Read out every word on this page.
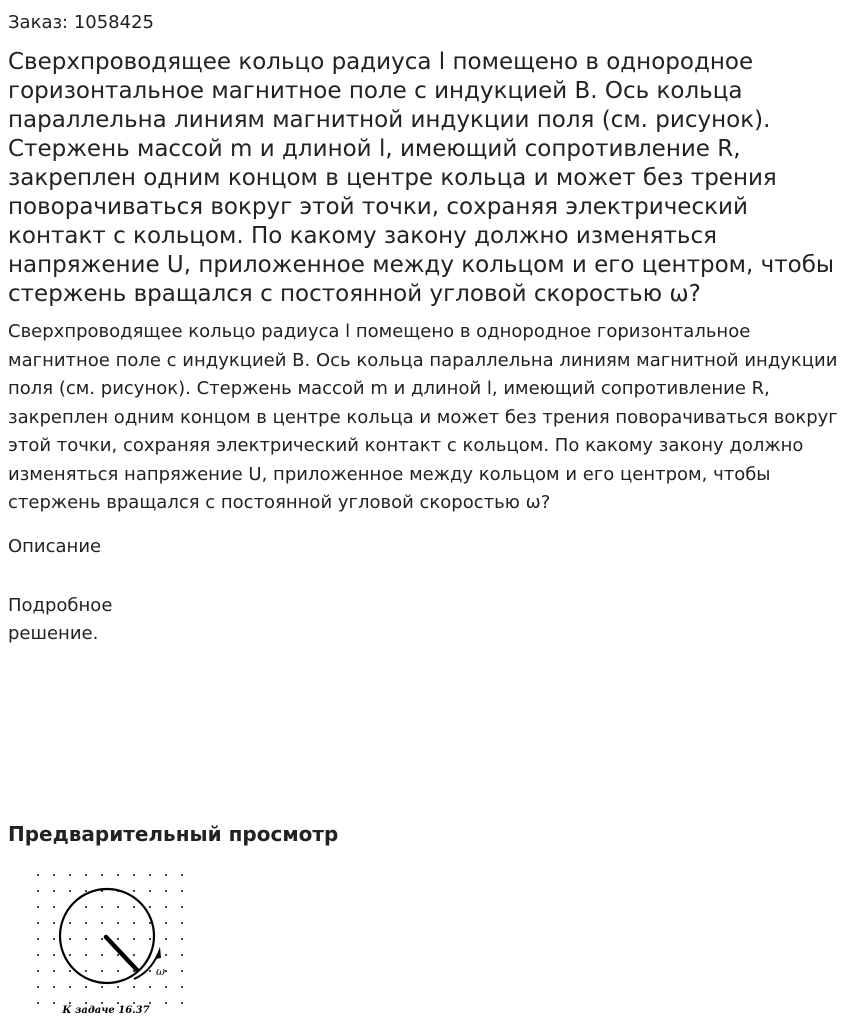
Заказ: 1058425
Сверхпроводящее кольцо радиуса l помещено в однородное горизонтальное магнитное поле с индукцией B. Ось кольца параллельна линиям магнитной индукции поля (см. рисунок). Стержень массой m и длиной l, имеющий сопротивление R, закреплен одним концом в центре кольца и может без трения поворачиваться вокруг этой точки, сохраняя электрический контакт с кольцом. По какому закону должно изменяться напряжение U, приложенное между кольцом и его центром, чтобы стержень вращался с постоянной угловой скоростью ω?

Сверхпроводящее кольцо радиуса l помещено в однородное горизонтальное магнитное поле с индукцией B. Ось кольца параллельна линиям магнитной индукции поля (см. рисунок). Стержень массой m и длиной l, имеющий сопротивление R, закреплен одним концом в центре кольца и может без трения поворачиваться вокруг этой точки, сохраняя электрический контакт с кольцом. По какому закону должно изменяться напряжение U, приложенное между кольцом и его центром, чтобы стержень вращался с постоянной угловой скоростью ω?

Описание
Подробное решение.
Предварительный просмотр
ω
К задаче 16.37
